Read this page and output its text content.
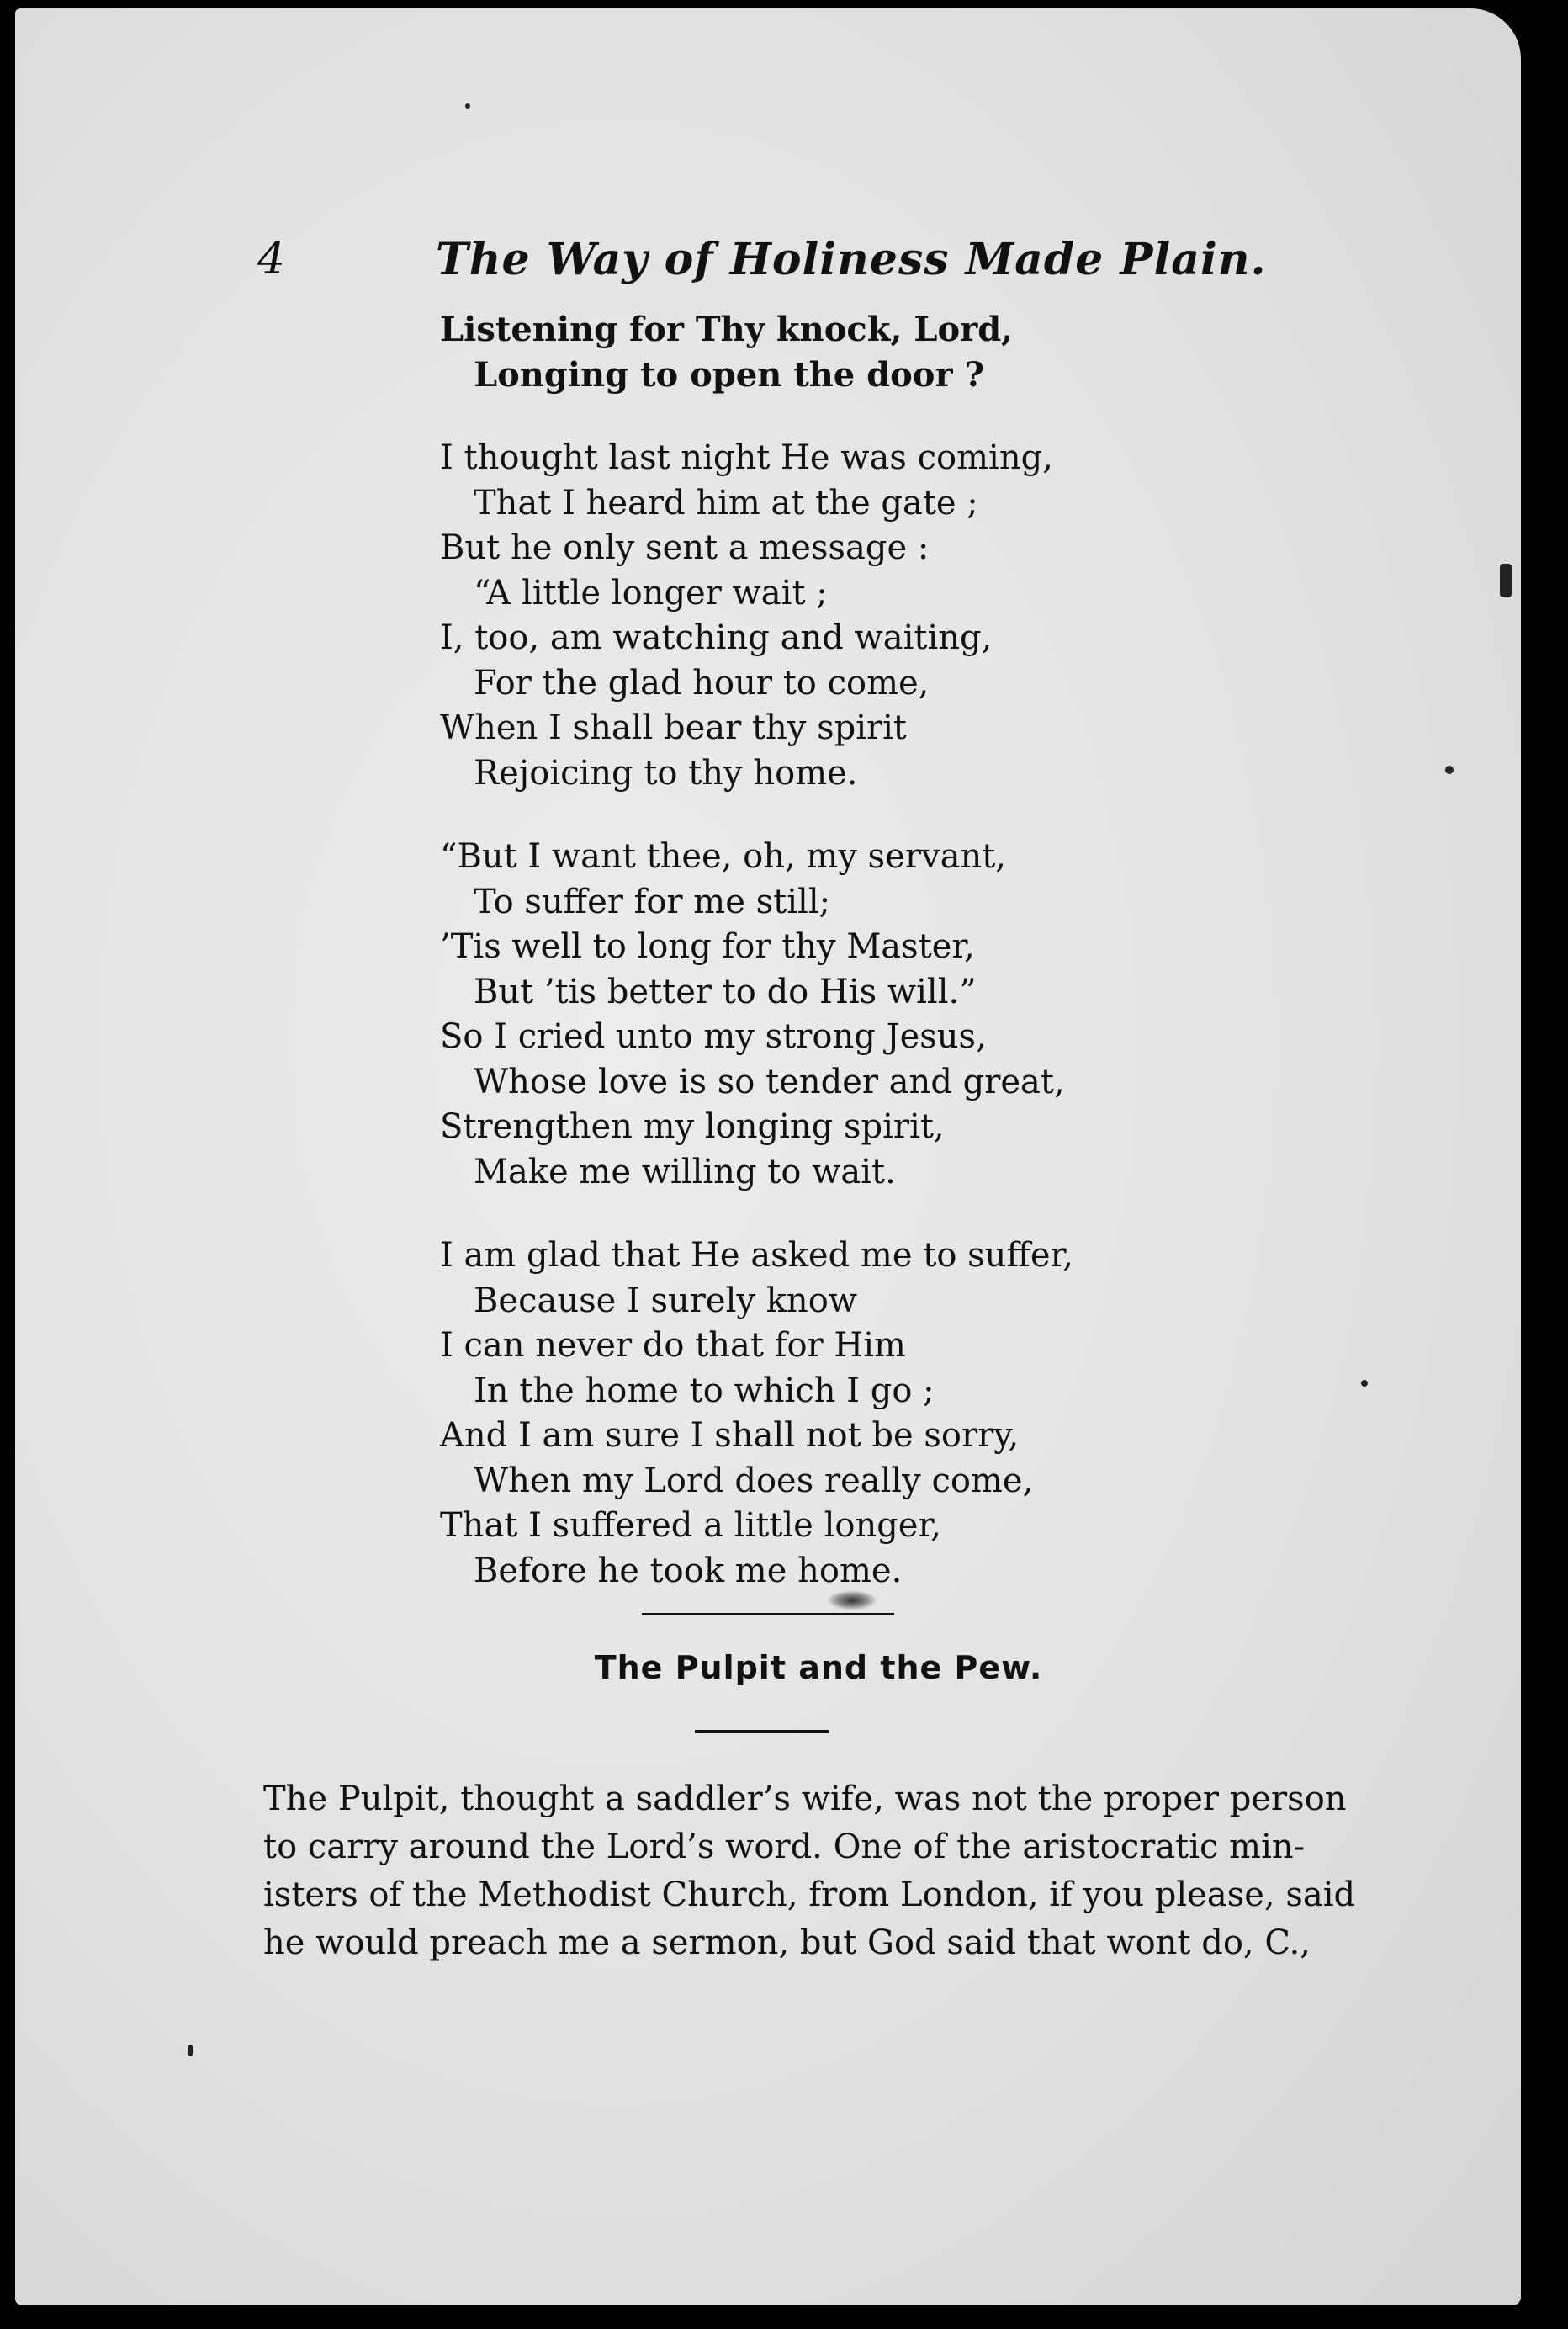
4	The Way of Holiness Made Plain.
Listening for Thy knock, Lord,
Longing to open the door ?
I thought last night He was coming,
That I heard him at the gate ;
But he only sent a message :
“A little longer wait ;
I, too, am watching and waiting,
For the glad hour to come,
When I shall bear thy spirit
Rejoicing to thy home.
“But I want thee, oh, my servant,
To suffer for me still;
’Tis well to long for thy Master,
But ’tis better to do His will.”
So I cried unto my strong Jesus,
Whose love is so tender and great,
Strengthen my longing spirit,
Make me willing to wait.
I am glad that He asked me to suffer,
Because I surely know
I can never do that for Him
In the home to which I go ;
And I am sure I shall not be sorry,
When my Lord does really come,
That I suffered a little longer,
Before he took me home.
The Pulpit and the Pew.
The Pulpit, thought a saddler’s wife, was not the proper person
to carry around the Lord’s word. One of the aristocratic min-
isters of the Methodist Church, from London, if you please, said
he would preach me a sermon, but God said that wont do, C.,
